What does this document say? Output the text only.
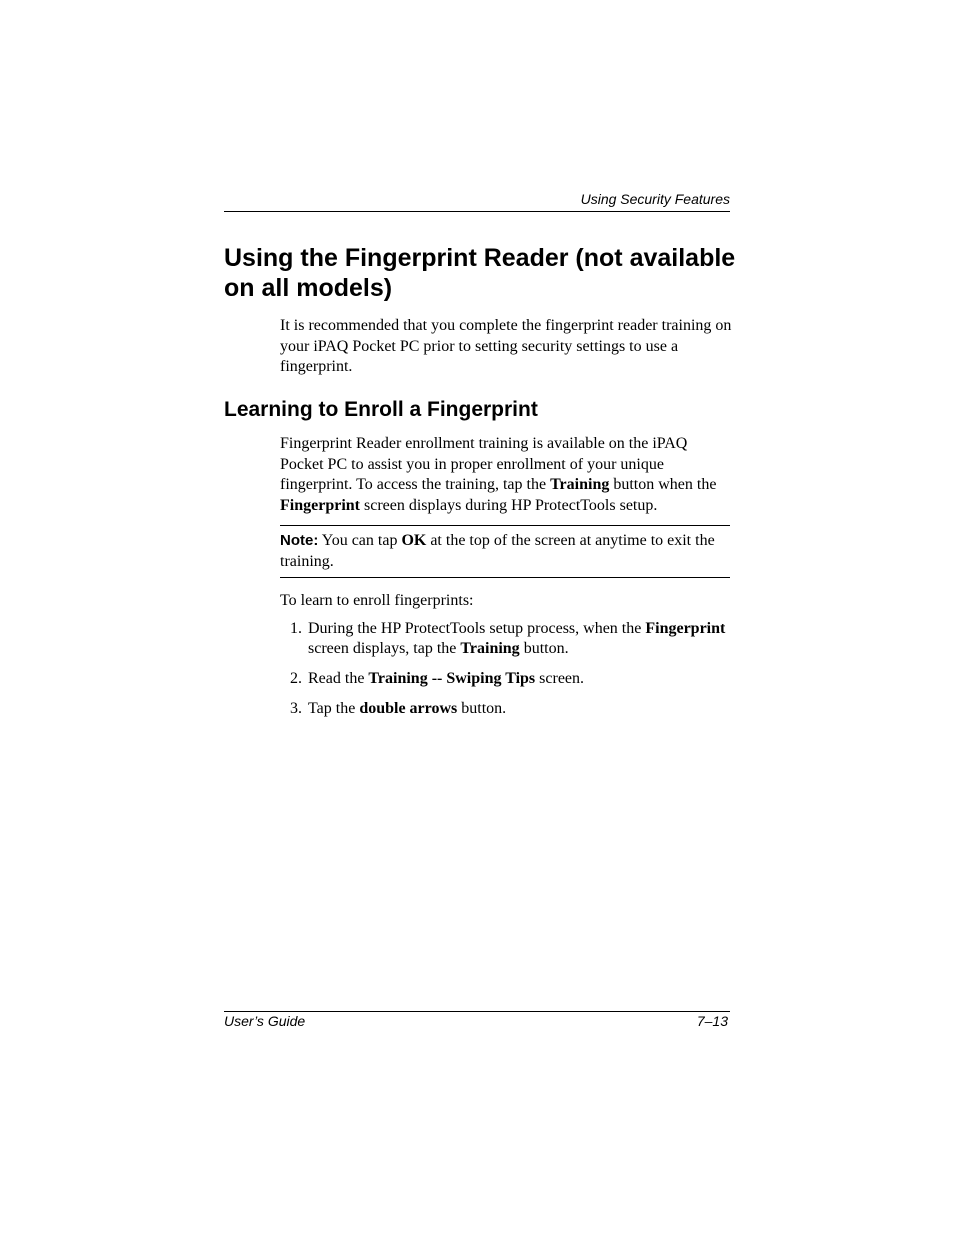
Using Security Features
Using the Fingerprint Reader (not available on all models)

It is recommended that you complete the fingerprint reader training on your iPAQ Pocket PC prior to setting security settings to use a fingerprint.

Learning to Enroll a Fingerprint

Fingerprint Reader enrollment training is available on the iPAQ Pocket PC to assist you in proper enrollment of your unique fingerprint. To access the training, tap the Training button when the Fingerprint screen displays during HP ProtectTools setup.

Note: You can tap OK at the top of the screen at anytime to exit the training.

To learn to enroll fingerprints:

1. During the HP ProtectTools setup process, when the Fingerprint screen displays, tap the Training button.
2. Read the Training -- Swiping Tips screen.
3. Tap the double arrows button.
User’s Guide	7–13
